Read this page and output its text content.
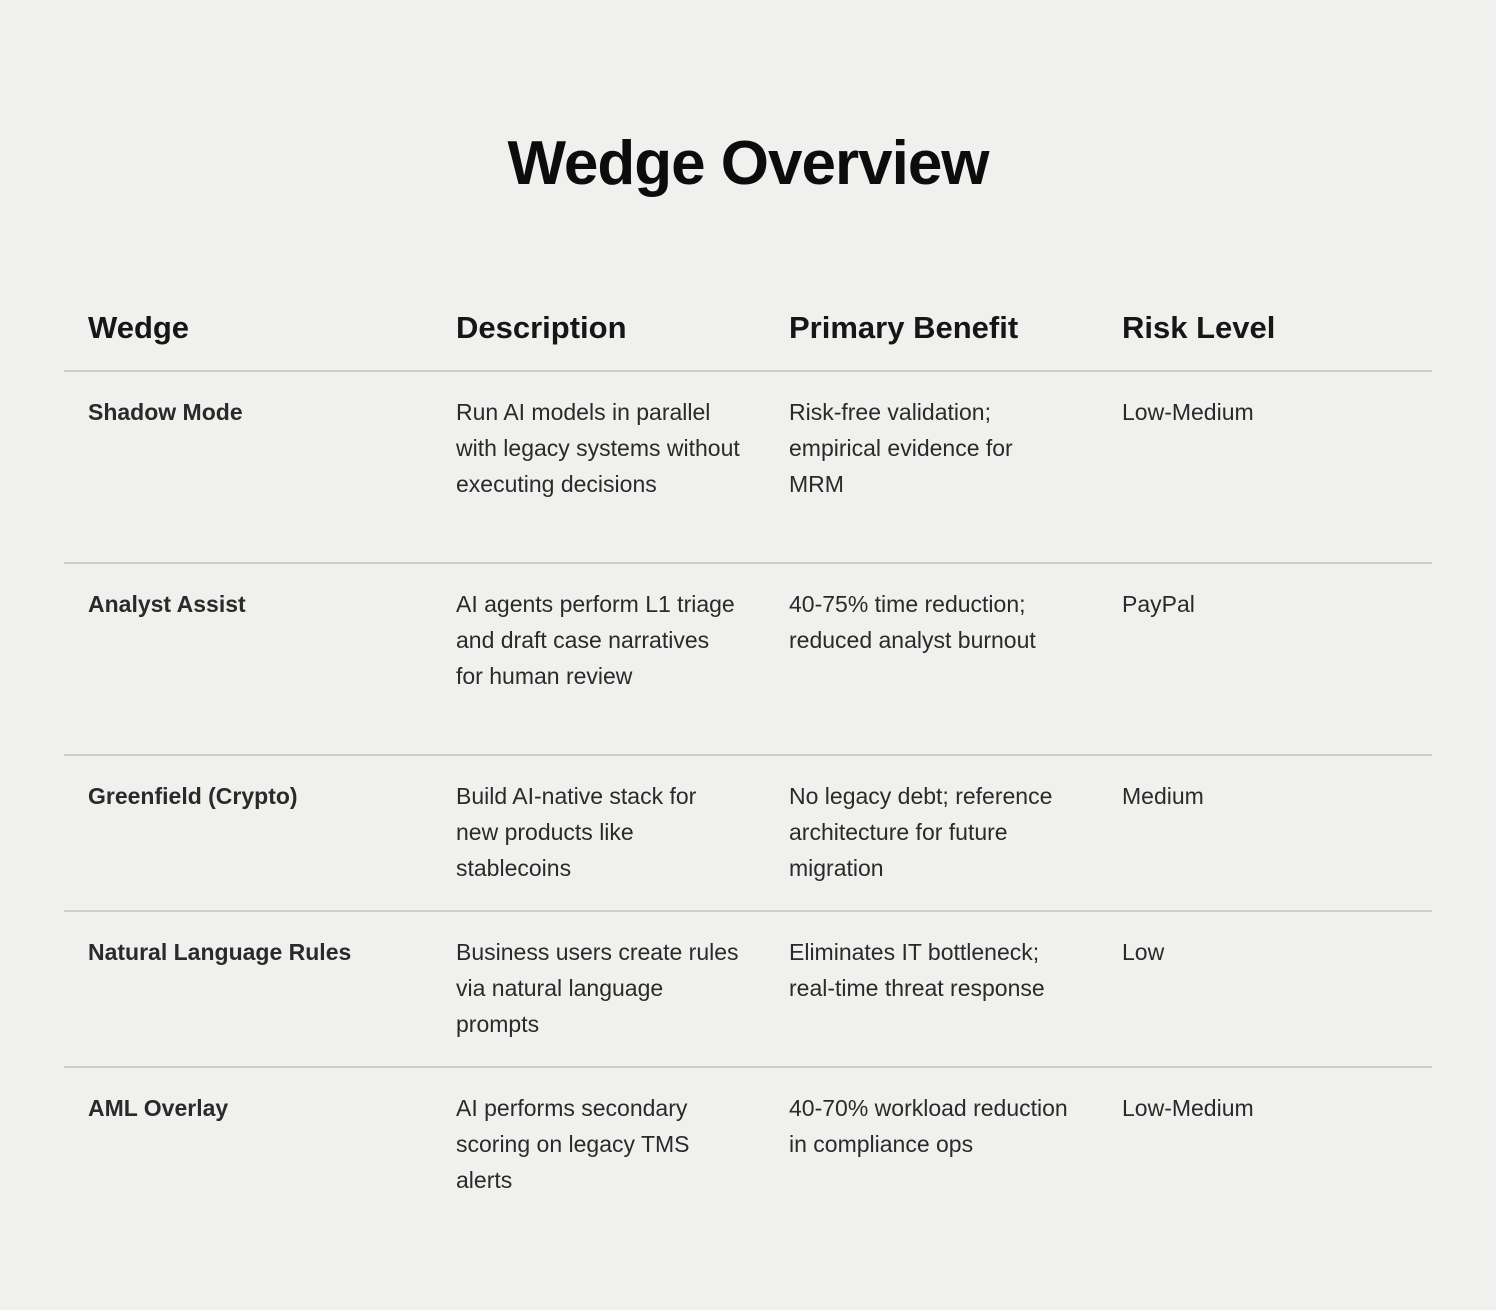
Wedge Overview
Wedge	Description	Primary Benefit	Risk Level
Shadow Mode	Run AI models in parallel with legacy systems without executing decisions	Risk-free validation; empirical evidence for MRM	Low-Medium
Analyst Assist	AI agents perform L1 triage and draft case narratives for human review	40-75% time reduction; reduced analyst burnout	PayPal
Greenfield (Crypto)	Build AI-native stack for new products like stablecoins	No legacy debt; reference architecture for future migration	Medium
Natural Language Rules	Business users create rules via natural language prompts	Eliminates IT bottleneck; real-time threat response	Low
AML Overlay	AI performs secondary scoring on legacy TMS alerts	40-70% workload reduction in compliance ops	Low-Medium
